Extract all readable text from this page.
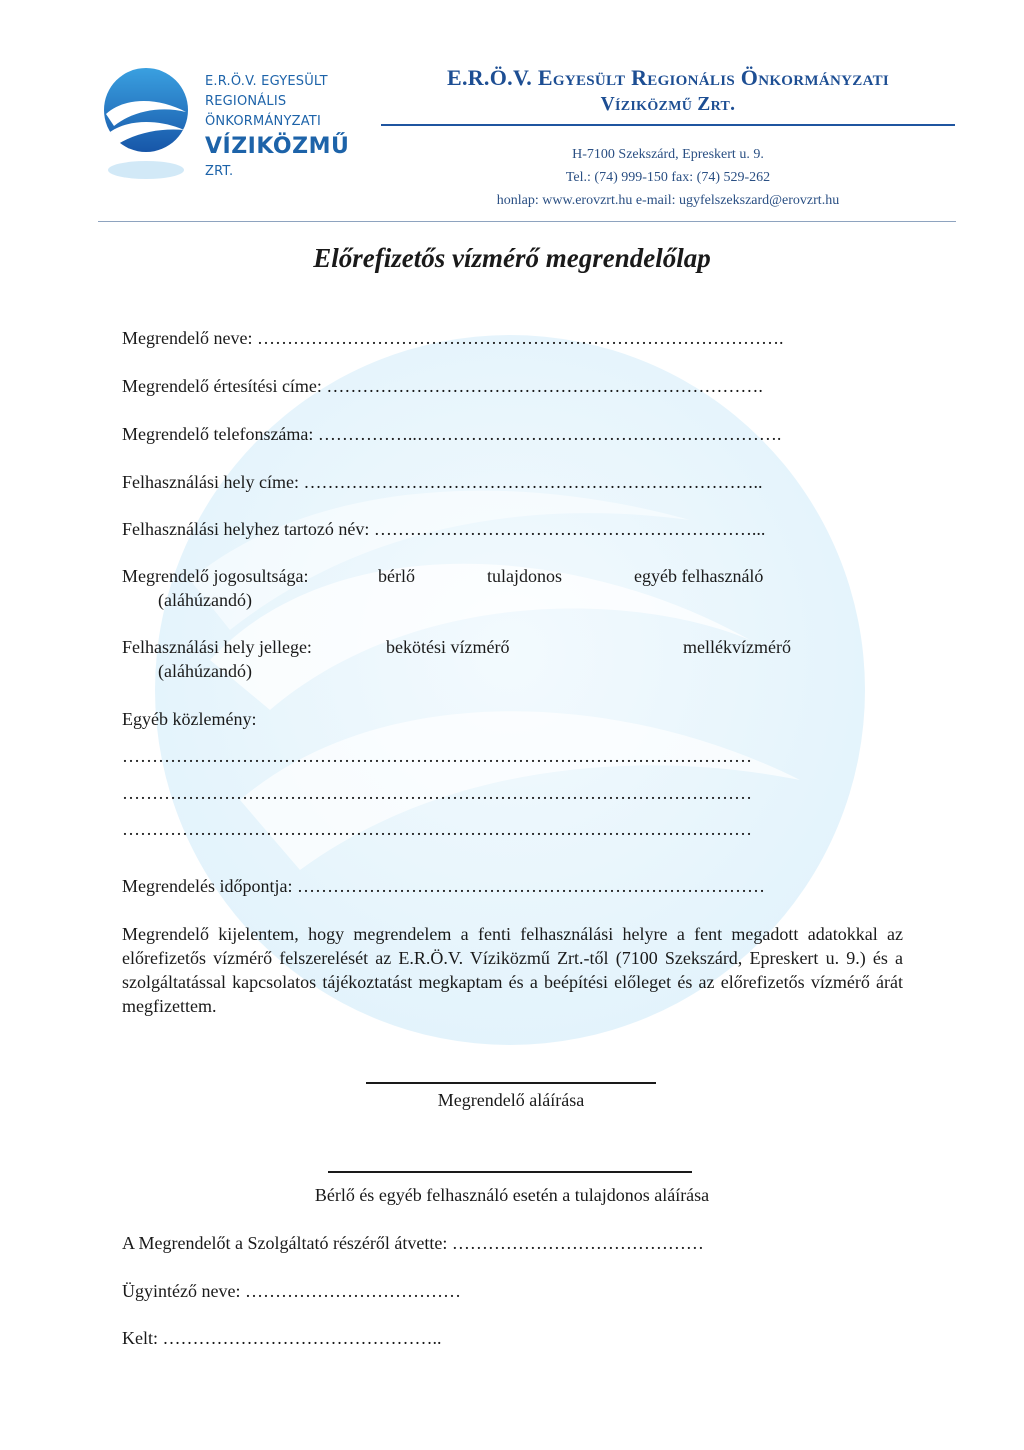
E.R.Ö.V. EGYESÜLT
REGIONÁLIS
ÖNKORMÁNYZATI
VÍZIKÖZMŰ
ZRT.
E.R.Ö.V. Egyesült Regionális Önkormányzati
Víziközmű Zrt.
H-7100 Szekszárd, Epreskert u. 9.
Tel.: (74) 999-150 fax: (74) 529-262
honlap: www.erovzrt.hu e-mail: ugyfelszekszard@erovzrt.hu
Előrefizetős vízmérő megrendelőlap
Megrendelő neve: …………………………………………………………………………….
Megrendelő értesítési címe: ……………………………………………………………….
Megrendelő telefonszáma: ……………..…………………………………………………….
Felhasználási hely címe: …………………………………………………………………..
Felhasználási helyhez tartozó név: ………………………………………………………...
Megrendelő jogosultsága:	bérlő	tulajdonos	egyéb felhasználó
(aláhúzandó)
Felhasználási hely jellege:	bekötési vízmérő	mellékvízmérő
(aláhúzandó)
Egyéb közlemény:
……………………………………………………………………………………………
……………………………………………………………………………………………
……………………………………………………………………………………………
Megrendelés időpontja: ……………………………………………………………………
Megrendelő kijelentem, hogy megrendelem a fenti felhasználási helyre a fent megadott adatokkal az előrefizetős vízmérő felszerelését az E.R.Ö.V. Víziközmű Zrt.-től (7100 Szekszárd, Epreskert u. 9.) és a szolgáltatással kapcsolatos tájékoztatást megkaptam és a beépítési előleget és az előrefizetős vízmérő árát megfizettem.
Megrendelő aláírása
Bérlő és egyéb felhasználó esetén a tulajdonos aláírása
A Megrendelőt a Szolgáltató részéről átvette: ……………………………………
Ügyintéző neve: ………………………………
Kelt: ………………………………………..
